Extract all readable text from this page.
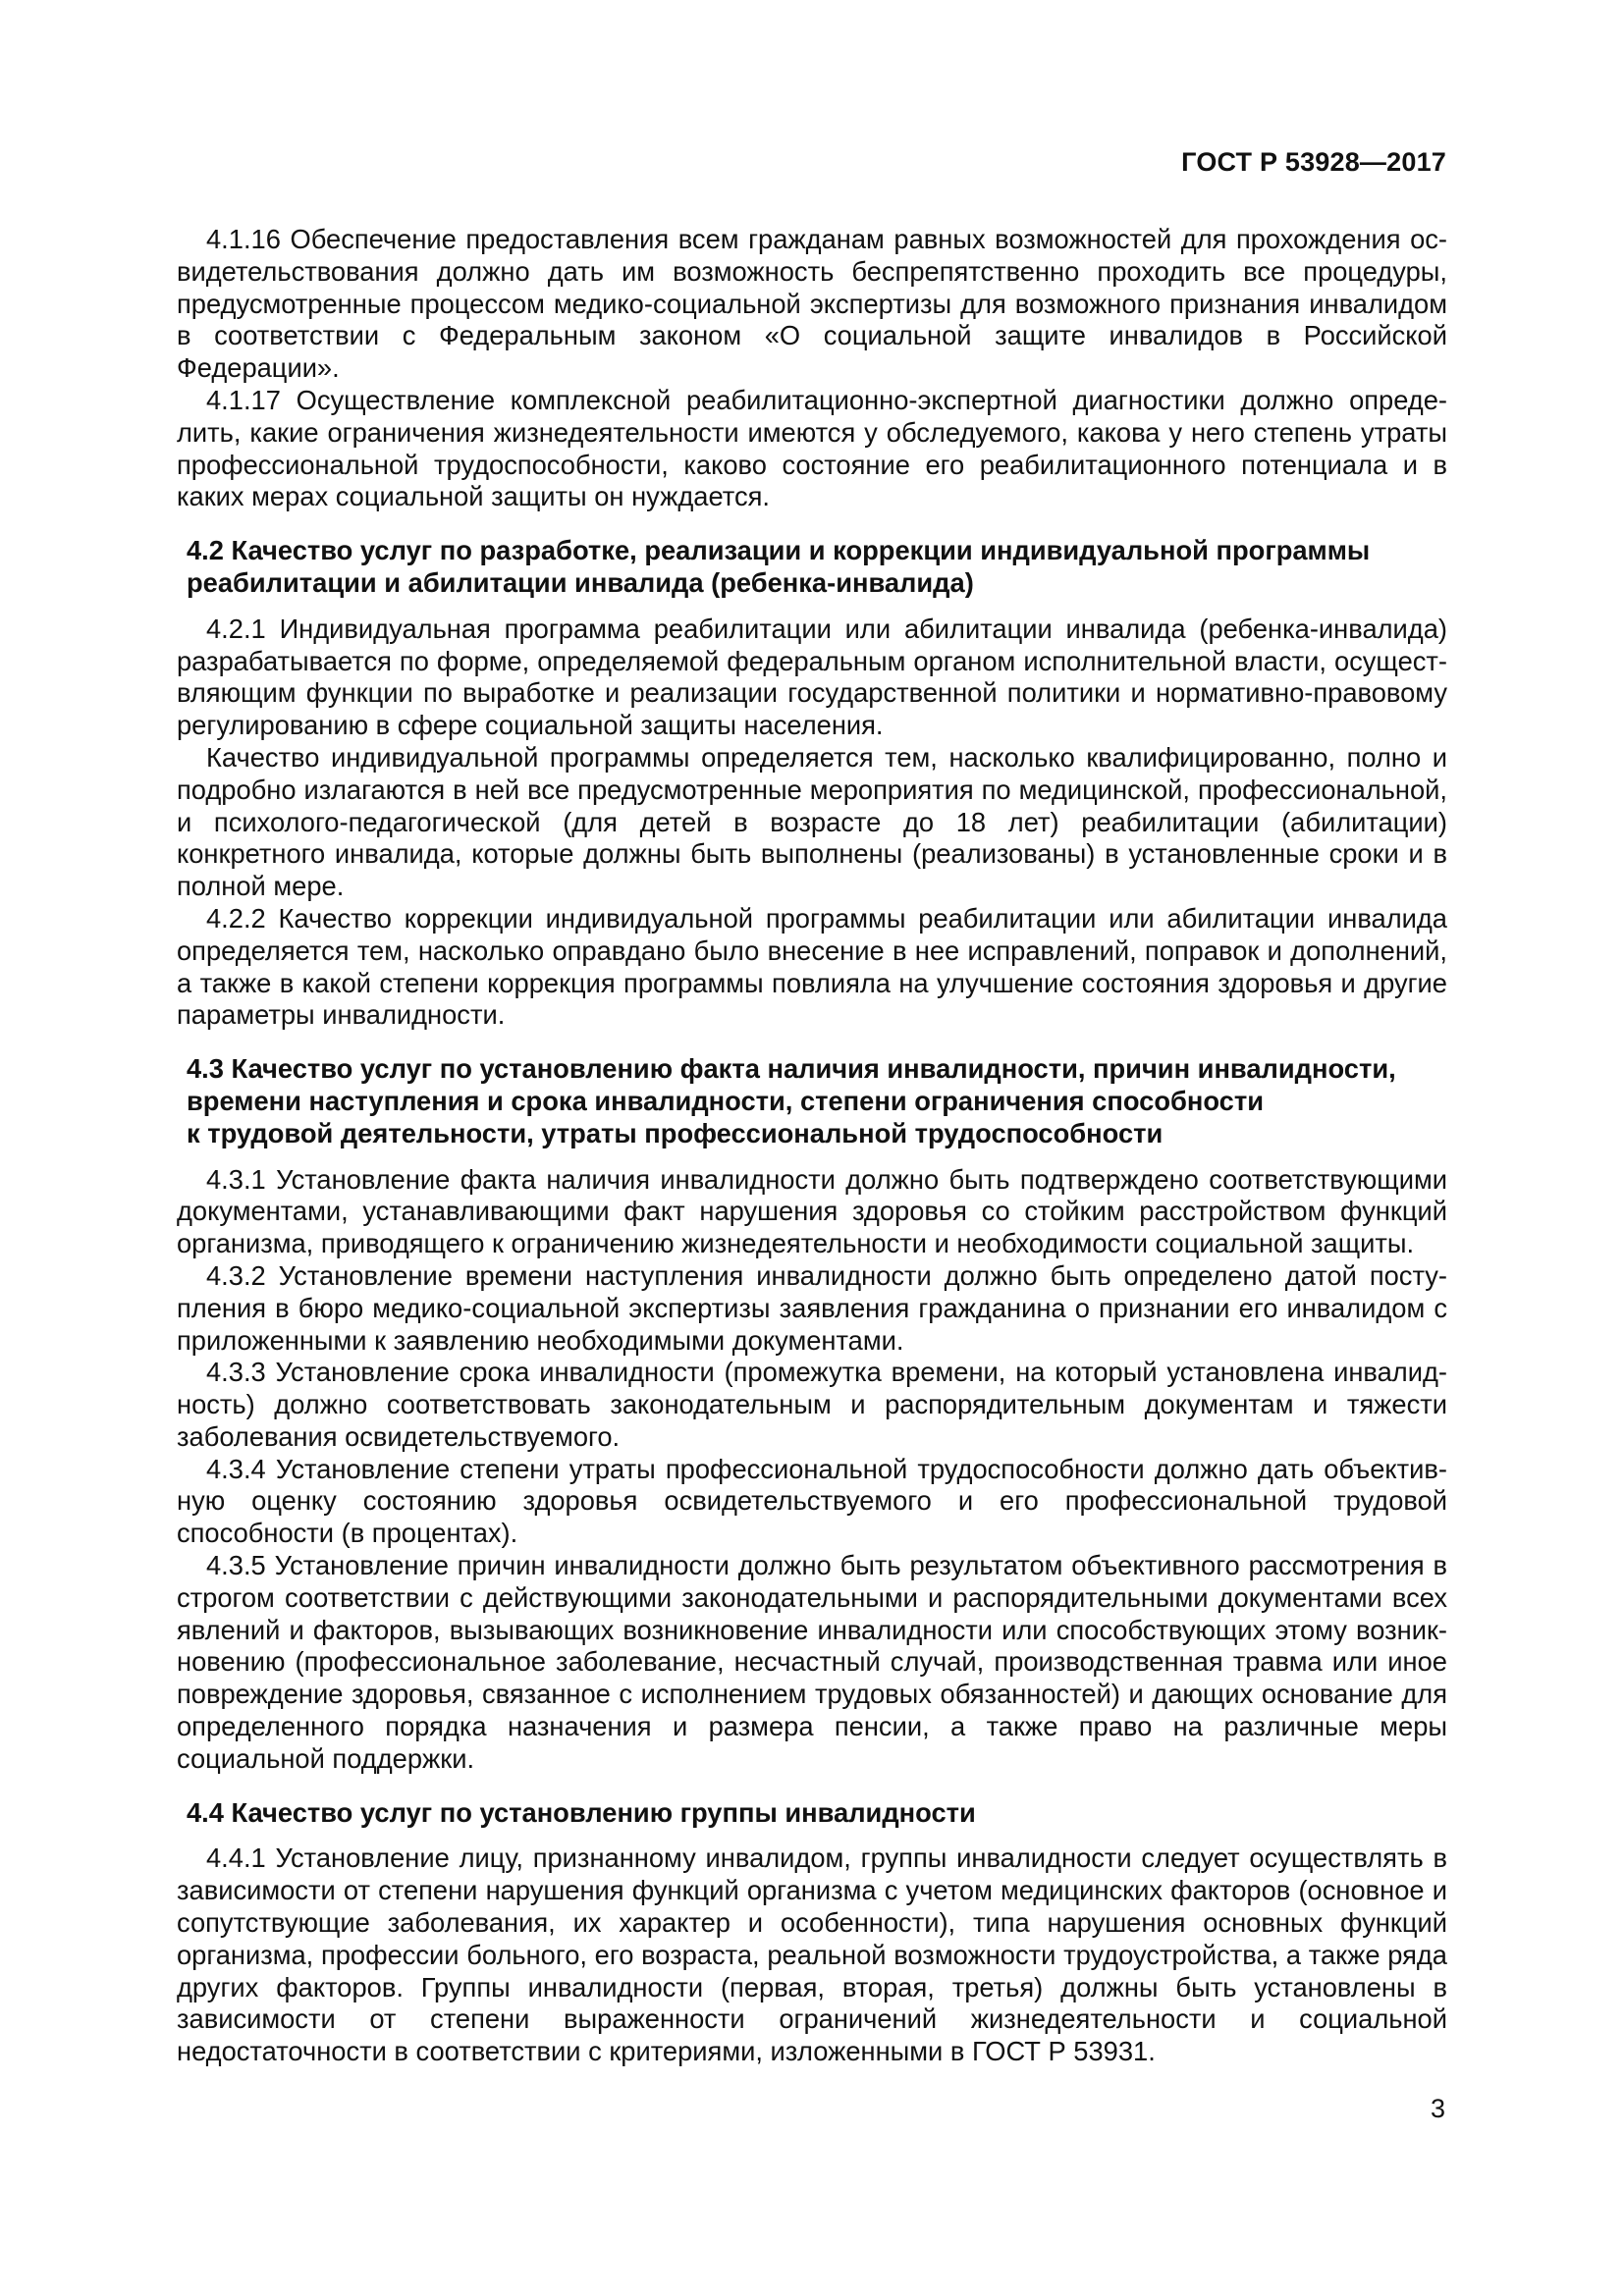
ГОСТ Р 53928—2017

4.1.16 Обеспечение предоставления всем гражданам равных возможностей для прохождения освидетельствования должно дать им возможность беспрепятственно проходить все процедуры, предусмотренные процессом медико-социальной экспертизы для возможного признания инвалидом в соответствии с Федеральным законом «О социальной защите инвалидов в Российской Федерации».

4.1.17 Осуществление комплексной реабилитационно-экспертной диагностики должно определить, какие ограничения жизнедеятельности имеются у обследуемого, какова у него степень утраты профессиональной трудоспособности, каково состояние его реабилитационного потенциала и в каких мерах социальной защиты он нуждается.

4.2 Качество услуг по разработке, реализации и коррекции индивидуальной программы
реабилитации и абилитации инвалида (ребенка-инвалида)

4.2.1 Индивидуальная программа реабилитации или абилитации инвалида (ребенка-инвалида) разрабатывается по форме, определяемой федеральным органом исполнительной власти, осуществляющим функции по выработке и реализации государственной политики и нормативно-правовому регулированию в сфере социальной защиты населения.

Качество индивидуальной программы определяется тем, насколько квалифицированно, полно и подробно излагаются в ней все предусмотренные мероприятия по медицинской, профессиональной, и психолого-педагогической (для детей в возрасте до 18 лет) реабилитации (абилитации) конкретного инвалида, которые должны быть выполнены (реализованы) в установленные сроки и в полной мере.

4.2.2 Качество коррекции индивидуальной программы реабилитации или абилитации инвалида определяется тем, насколько оправдано было внесение в нее исправлений, поправок и дополнений, а также в какой степени коррекция программы повлияла на улучшение состояния здоровья и другие параметры инвалидности.

4.3 Качество услуг по установлению факта наличия инвалидности, причин инвалидности,
времени наступления и срока инвалидности, степени ограничения способности
к трудовой деятельности, утраты профессиональной трудоспособности

4.3.1 Установление факта наличия инвалидности должно быть подтверждено соответствующими документами, устанавливающими факт нарушения здоровья со стойким расстройством функций организма, приводящего к ограничению жизнедеятельности и необходимости социальной защиты.

4.3.2 Установление времени наступления инвалидности должно быть определено датой поступления в бюро медико-социальной экспертизы заявления гражданина о признании его инвалидом с приложенными к заявлению необходимыми документами.

4.3.3 Установление срока инвалидности (промежутка времени, на который установлена инвалидность) должно соответствовать законодательным и распорядительным документам и тяжести заболевания освидетельствуемого.

4.3.4 Установление степени утраты профессиональной трудоспособности должно дать объективную оценку состоянию здоровья освидетельствуемого и его профессиональной трудовой способности (в процентах).

4.3.5 Установление причин инвалидности должно быть результатом объективного рассмотрения в строгом соответствии с действующими законодательными и распорядительными документами всех явлений и факторов, вызывающих возникновение инвалидности или способствующих этому возникновению (профессиональное заболевание, несчастный случай, производственная травма или иное повреждение здоровья, связанное с исполнением трудовых обязанностей) и дающих основание для определенного порядка назначения и размера пенсии, а также право на различные меры социальной поддержки.

4.4 Качество услуг по установлению группы инвалидности

4.4.1 Установление лицу, признанному инвалидом, группы инвалидности следует осуществлять в зависимости от степени нарушения функций организма с учетом медицинских факторов (основное и сопутствующие заболевания, их характер и особенности), типа нарушения основных функций организма, профессии больного, его возраста, реальной возможности трудоустройства, а также ряда других факторов. Группы инвалидности (первая, вторая, третья) должны быть установлены в зависимости от степени выраженности ограничений жизнедеятельности и социальной недостаточности в соответствии с критериями, изложенными в ГОСТ Р 53931.

3
